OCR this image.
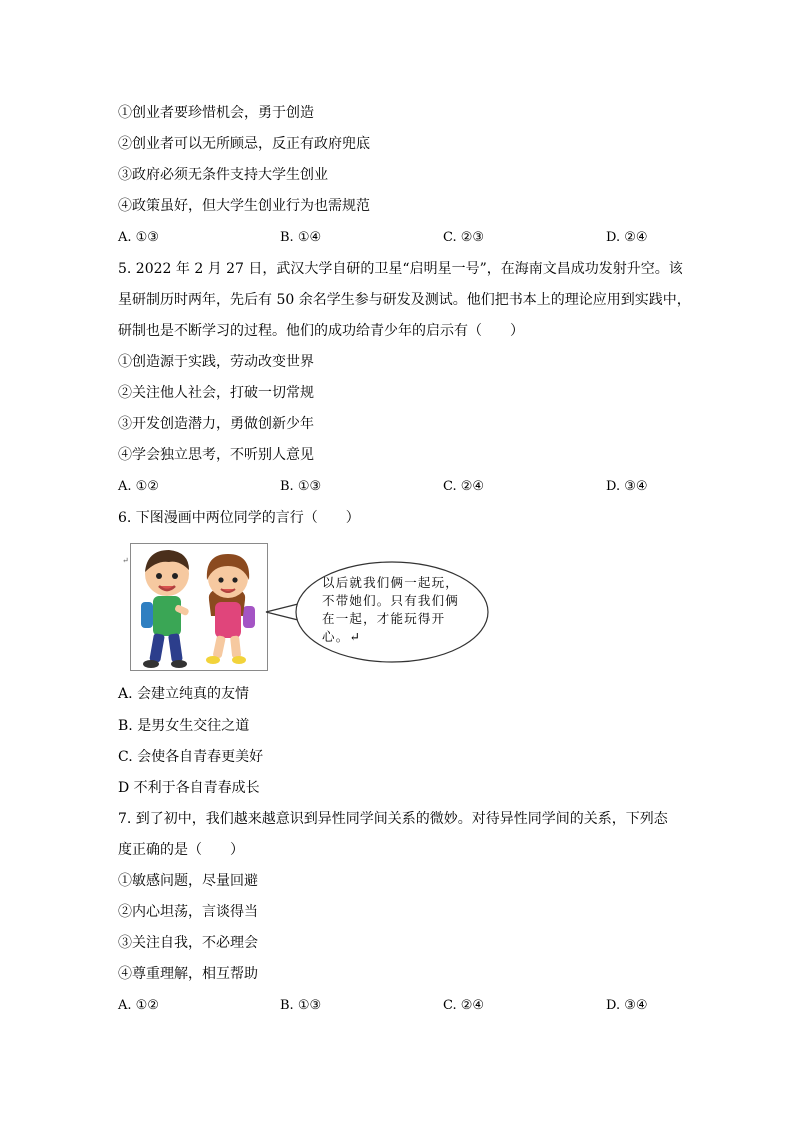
①创业者要珍惜机会，勇于创造
②创业者可以无所顾忌，反正有政府兜底
③政府必须无条件支持大学生创业
④政策虽好，但大学生创业行为也需规范
A. ①③	B. ①④	C. ②③	D. ②④
5. 2022 年 2 月 27 日，武汉大学自研的卫星“启明星一号”，在海南文昌成功发射升空。该
星研制历时两年，先后有 50 余名学生参与研发及测试。他们把书本上的理论应用到实践中，
研制也是不断学习的过程。他们的成功给青少年的启示有（　　）
①创造源于实践，劳动改变世界
②关注他人社会，打破一切常规
③开发创造潜力，勇做创新少年
④学会独立思考，不听别人意见
A. ①②	B. ①③	C. ②④	D. ③④
6. 下图漫画中两位同学的言行（　　）
↵
以后就我们俩一起玩，不带她们。只有我们俩在一起，才能玩得开心。↵
A. 会建立纯真的友情
B. 是男女生交往之道
C. 会使各自青春更美好
D 不利于各自青春成长
7. 到了初中，我们越来越意识到异性同学间关系的微妙。对待异性同学间的关系，下列态
度正确的是（　　）
①敏感问题，尽量回避
②内心坦荡，言谈得当
③关注自我，不必理会
④尊重理解，相互帮助
A. ①②	B. ①③	C. ②④	D. ③④
